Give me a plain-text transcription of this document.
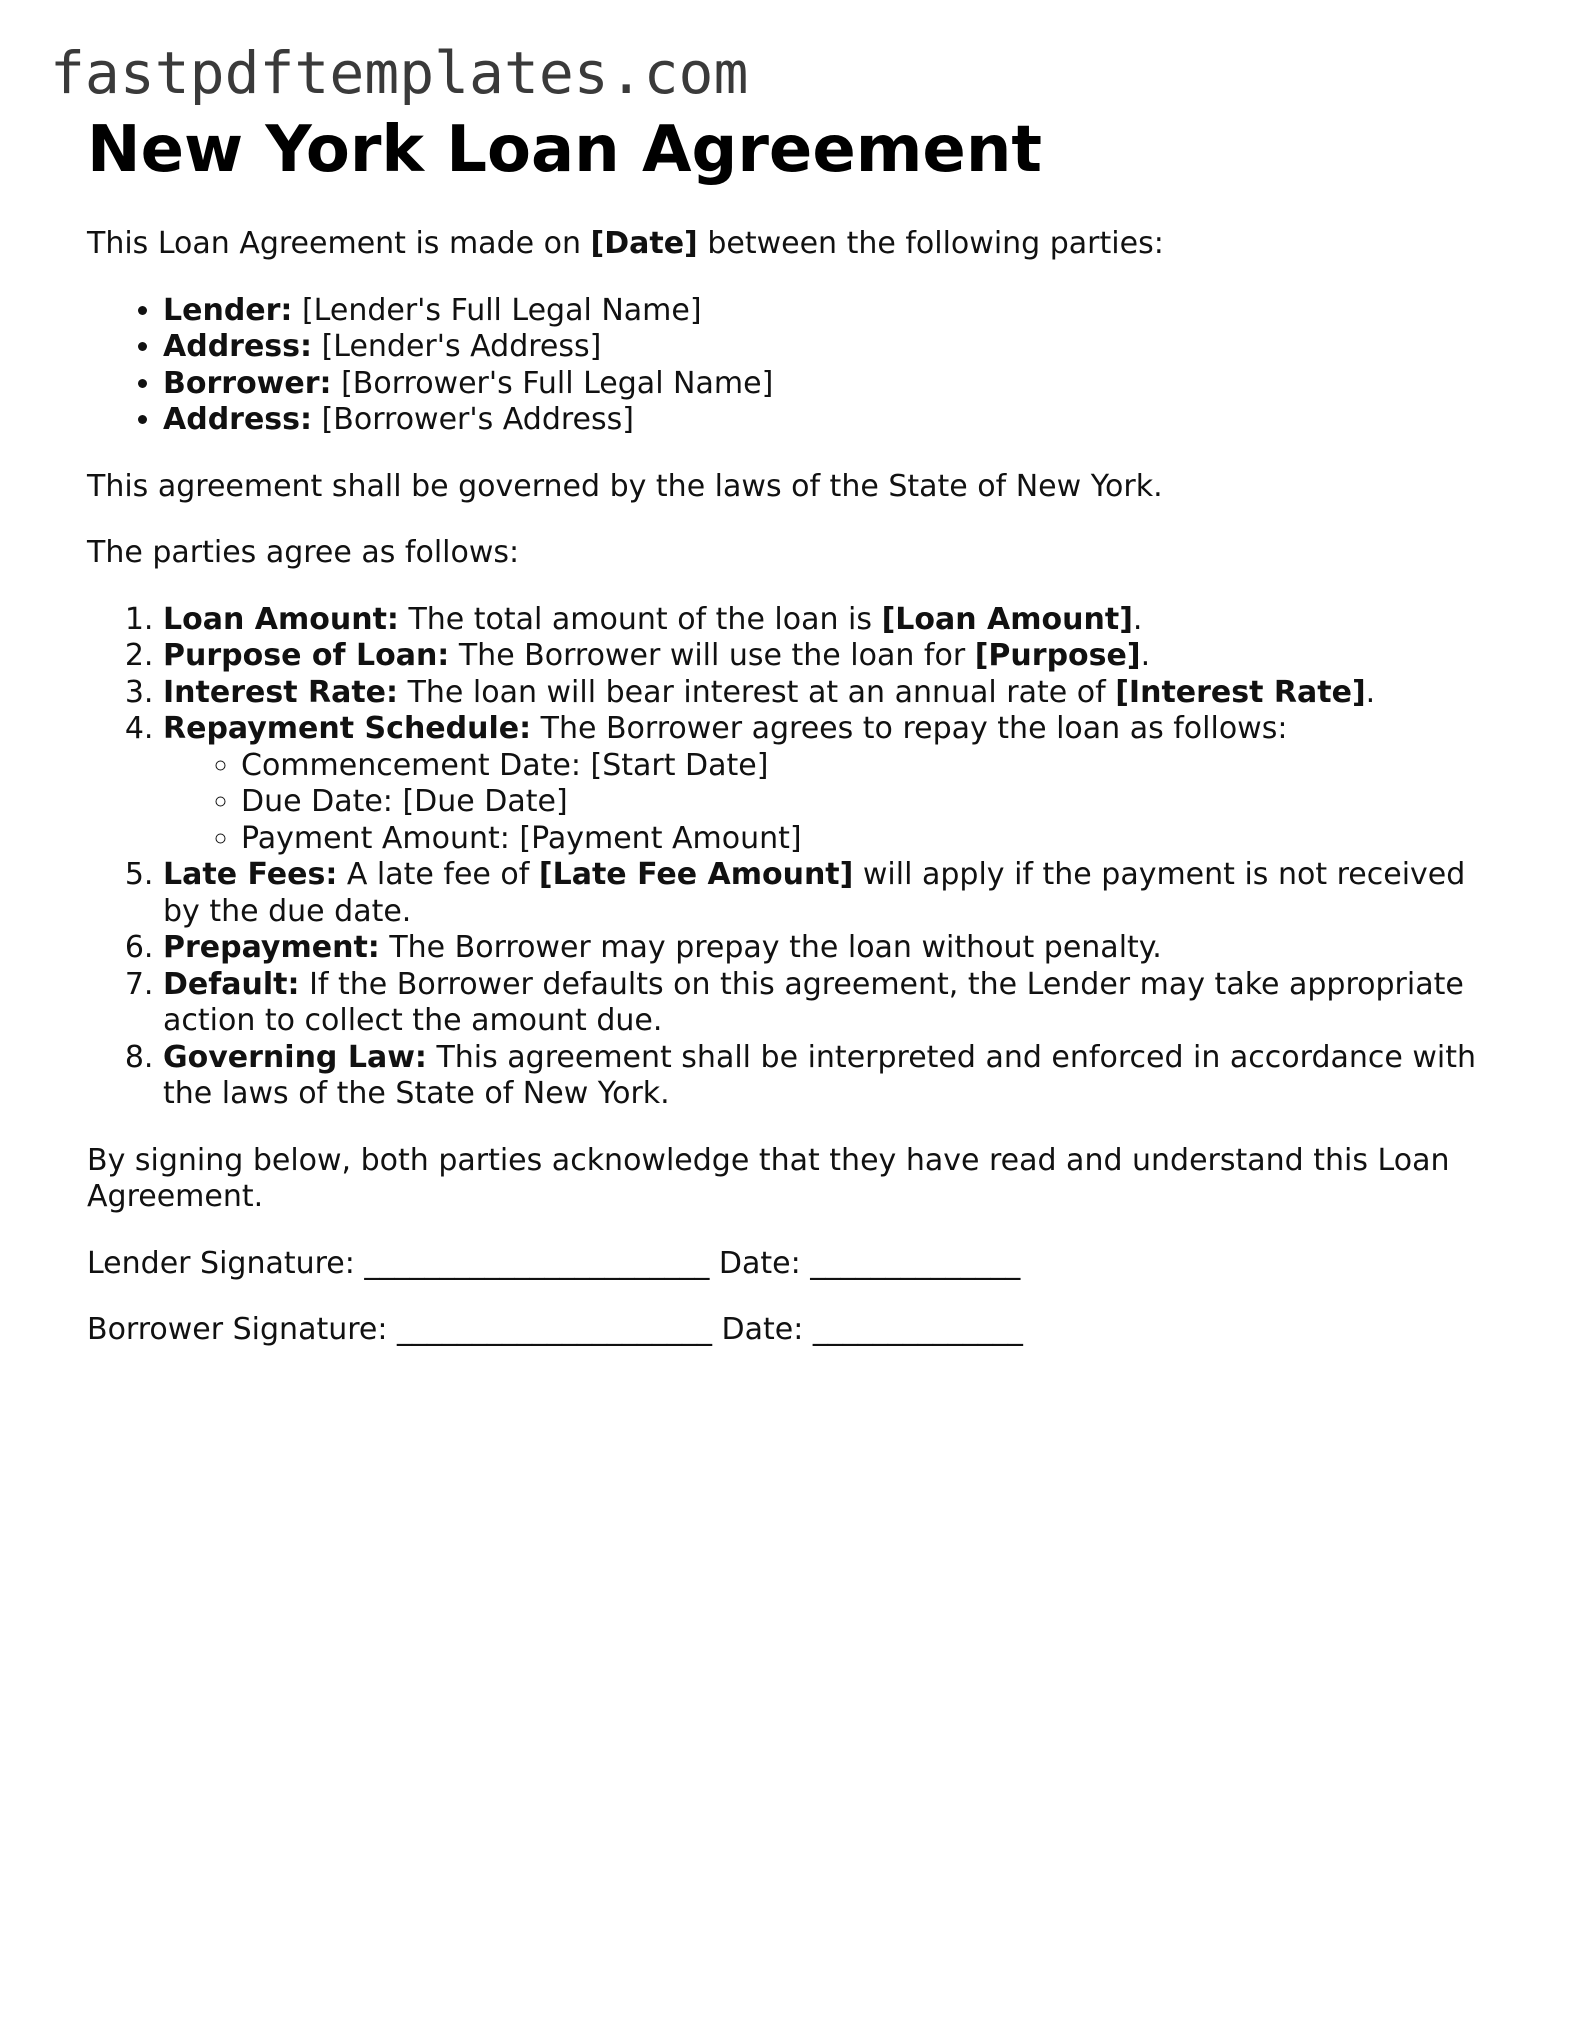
fastpdftemplates.com
New York Loan Agreement

This Loan Agreement is made on [Date] between the following parties:

• Lender: [Lender's Full Legal Name]
• Address: [Lender's Address]
• Borrower: [Borrower's Full Legal Name]
• Address: [Borrower's Address]

This agreement shall be governed by the laws of the State of New York.

The parties agree as follows:

1. Loan Amount: The total amount of the loan is [Loan Amount].
2. Purpose of Loan: The Borrower will use the loan for [Purpose].
3. Interest Rate: The loan will bear interest at an annual rate of [Interest Rate].
4. Repayment Schedule: The Borrower agrees to repay the loan as follows:
◦ Commencement Date: [Start Date]
◦ Due Date: [Due Date]
◦ Payment Amount: [Payment Amount]
5. Late Fees: A late fee of [Late Fee Amount] will apply if the payment is not received by the due date.
6. Prepayment: The Borrower may prepay the loan without penalty.
7. Default: If the Borrower defaults on this agreement, the Lender may take appropriate action to collect the amount due.
8. Governing Law: This agreement shall be interpreted and enforced in accordance with the laws of the State of New York.

By signing below, both parties acknowledge that they have read and understand this Loan Agreement.

Lender Signature: _______________________ Date: ______________

Borrower Signature: _____________________ Date: ______________
